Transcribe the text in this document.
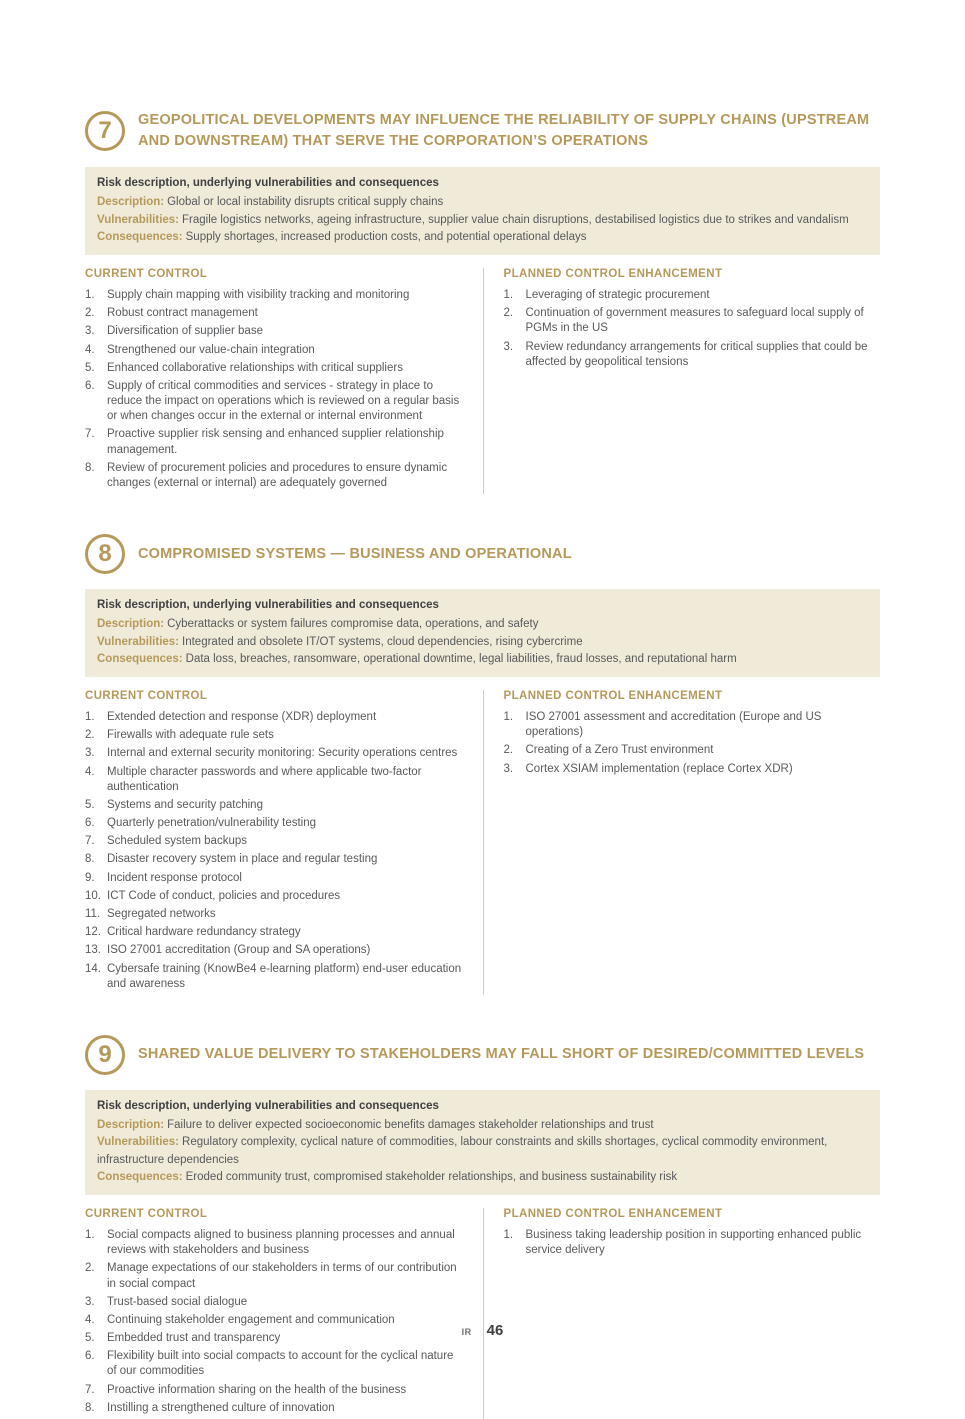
7 GEOPOLITICAL DEVELOPMENTS MAY INFLUENCE THE RELIABILITY OF SUPPLY CHAINS (UPSTREAM AND DOWNSTREAM) THAT SERVE THE CORPORATION’S OPERATIONS
Risk description, underlying vulnerabilities and consequences
Description: Global or local instability disrupts critical supply chains
Vulnerabilities: Fragile logistics networks, ageing infrastructure, supplier value chain disruptions, destabilised logistics due to strikes and vandalism
Consequences: Supply shortages, increased production costs, and potential operational delays
CURRENT CONTROL
Supply chain mapping with visibility tracking and monitoring
Robust contract management
Diversification of supplier base
Strengthened our value-chain integration
Enhanced collaborative relationships with critical suppliers
Supply of critical commodities and services - strategy in place to reduce the impact on operations which is reviewed on a regular basis or when changes occur in the external or internal environment
Proactive supplier risk sensing and enhanced supplier relationship management.
Review of procurement policies and procedures to ensure dynamic changes (external or internal) are adequately governed
PLANNED CONTROL ENHANCEMENT
Leveraging of strategic procurement
Continuation of government measures to safeguard local supply of PGMs in the US
Review redundancy arrangements for critical supplies that could be affected by geopolitical tensions
8 COMPROMISED SYSTEMS — BUSINESS AND OPERATIONAL
Risk description, underlying vulnerabilities and consequences
Description: Cyberattacks or system failures compromise data, operations, and safety
Vulnerabilities: Integrated and obsolete IT/OT systems, cloud dependencies, rising cybercrime
Consequences: Data loss, breaches, ransomware, operational downtime, legal liabilities, fraud losses, and reputational harm
CURRENT CONTROL
Extended detection and response (XDR) deployment
Firewalls with adequate rule sets
Internal and external security monitoring: Security operations centres
Multiple character passwords and where applicable two-factor authentication
Systems and security patching
Quarterly penetration/vulnerability testing
Scheduled system backups
Disaster recovery system in place and regular testing
Incident response protocol
ICT Code of conduct, policies and procedures
Segregated networks
Critical hardware redundancy strategy
ISO 27001 accreditation (Group and SA operations)
Cybersafe training (KnowBe4 e-learning platform) end-user education and awareness
PLANNED CONTROL ENHANCEMENT
ISO 27001 assessment and accreditation (Europe and US operations)
Creating of a Zero Trust environment
Cortex XSIAM implementation (replace Cortex XDR)
9 SHARED VALUE DELIVERY TO STAKEHOLDERS MAY FALL SHORT OF DESIRED/COMMITTED LEVELS
Risk description, underlying vulnerabilities and consequences
Description: Failure to deliver expected socioeconomic benefits damages stakeholder relationships and trust
Vulnerabilities: Regulatory complexity, cyclical nature of commodities, labour constraints and skills shortages, cyclical commodity environment, infrastructure dependencies
Consequences: Eroded community trust, compromised stakeholder relationships, and business sustainability risk
CURRENT CONTROL
Social compacts aligned to business planning processes and annual reviews with stakeholders and business
Manage expectations of our stakeholders in terms of our contribution in social compact
Trust-based social dialogue
Continuing stakeholder engagement and communication
Embedded trust and transparency
Flexibility built into social compacts to account for the cyclical nature of our commodities
Proactive information sharing on the health of the business
Instilling a strengthened culture of innovation
PLANNED CONTROL ENHANCEMENT
Business taking leadership position in supporting enhanced public service delivery
IR 46
